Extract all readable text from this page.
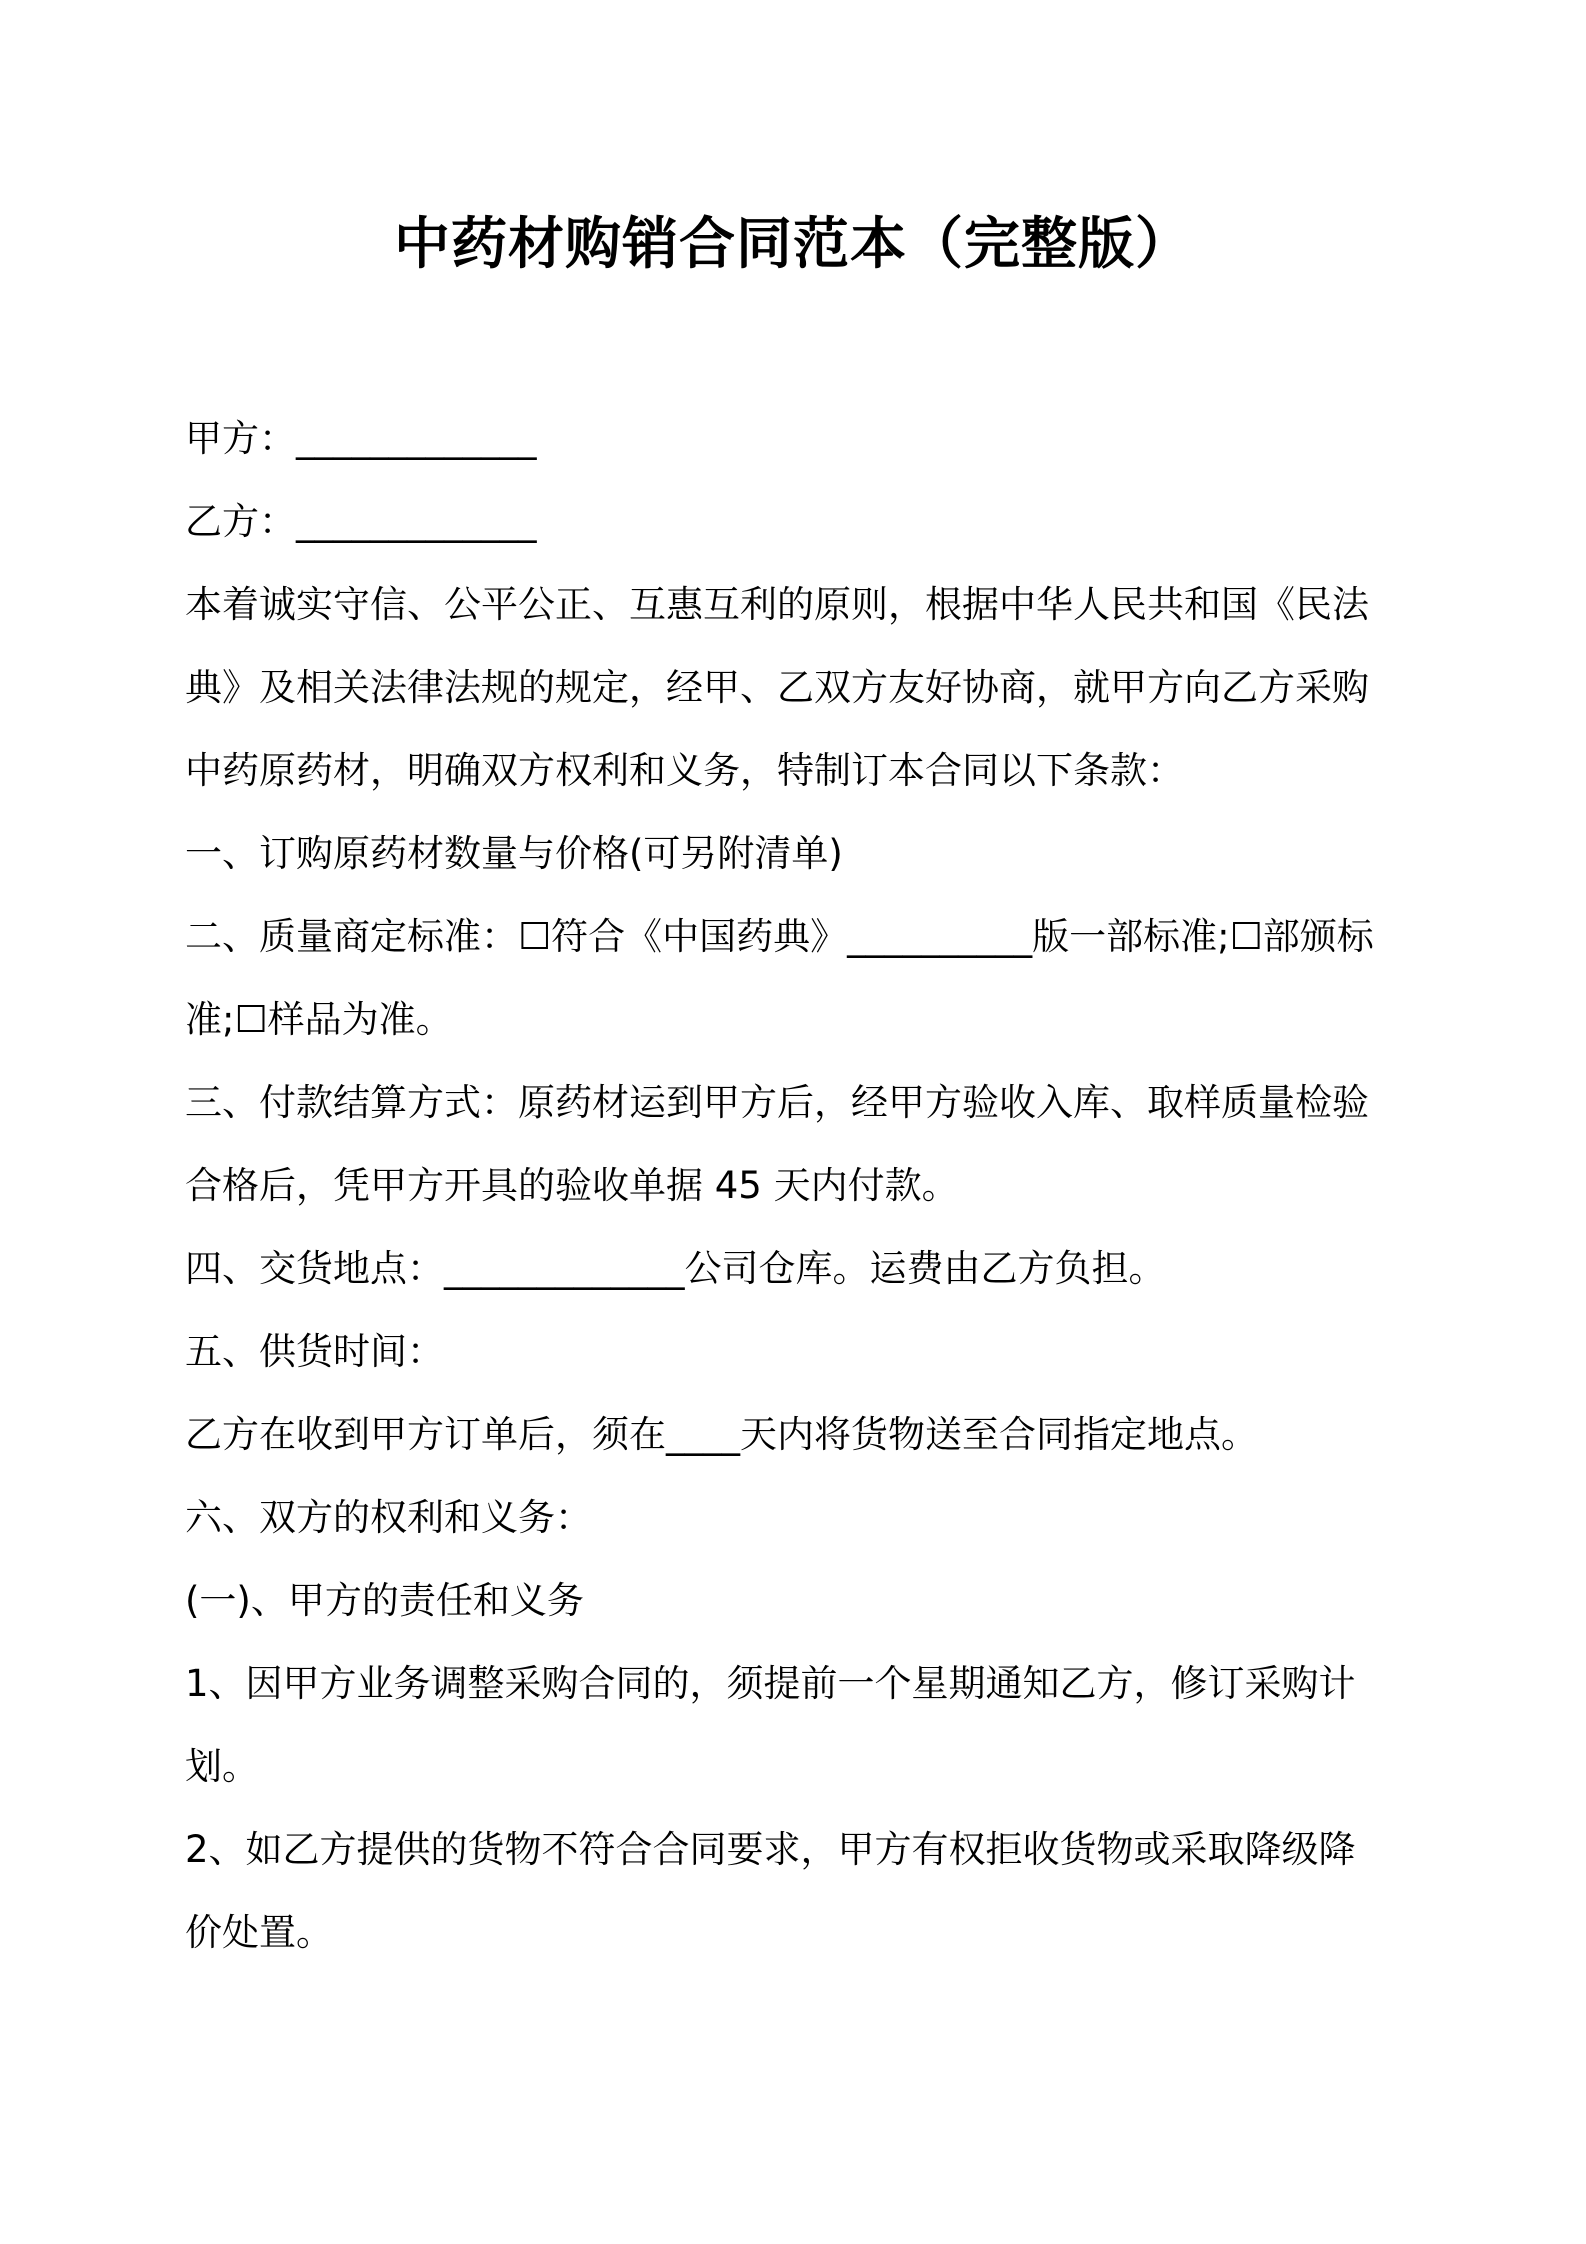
中药材购销合同范本（完整版）
甲方：_____________
乙方：_____________
本着诚实守信、公平公正、互惠互利的原则，根据中华人民共和国《民法
典》及相关法律法规的规定，经甲、乙双方友好协商，就甲方向乙方采购
中药原药材，明确双方权利和义务，特制订本合同以下条款：
一、订购原药材数量与价格(可另附清单)
二、质量商定标准：☐符合《中国药典》__________版一部标准;☐部颁标
准;☐样品为准。
三、付款结算方式：原药材运到甲方后，经甲方验收入库、取样质量检验
合格后，凭甲方开具的验收单据 45 天内付款。
四、交货地点：_____________公司仓库。运费由乙方负担。
五、供货时间：
乙方在收到甲方订单后，须在____天内将货物送至合同指定地点。
六、双方的权利和义务：
(一)、甲方的责任和义务
1、因甲方业务调整采购合同的，须提前一个星期通知乙方，修订采购计
划。
2、如乙方提供的货物不符合合同要求，甲方有权拒收货物或采取降级降
价处置。
